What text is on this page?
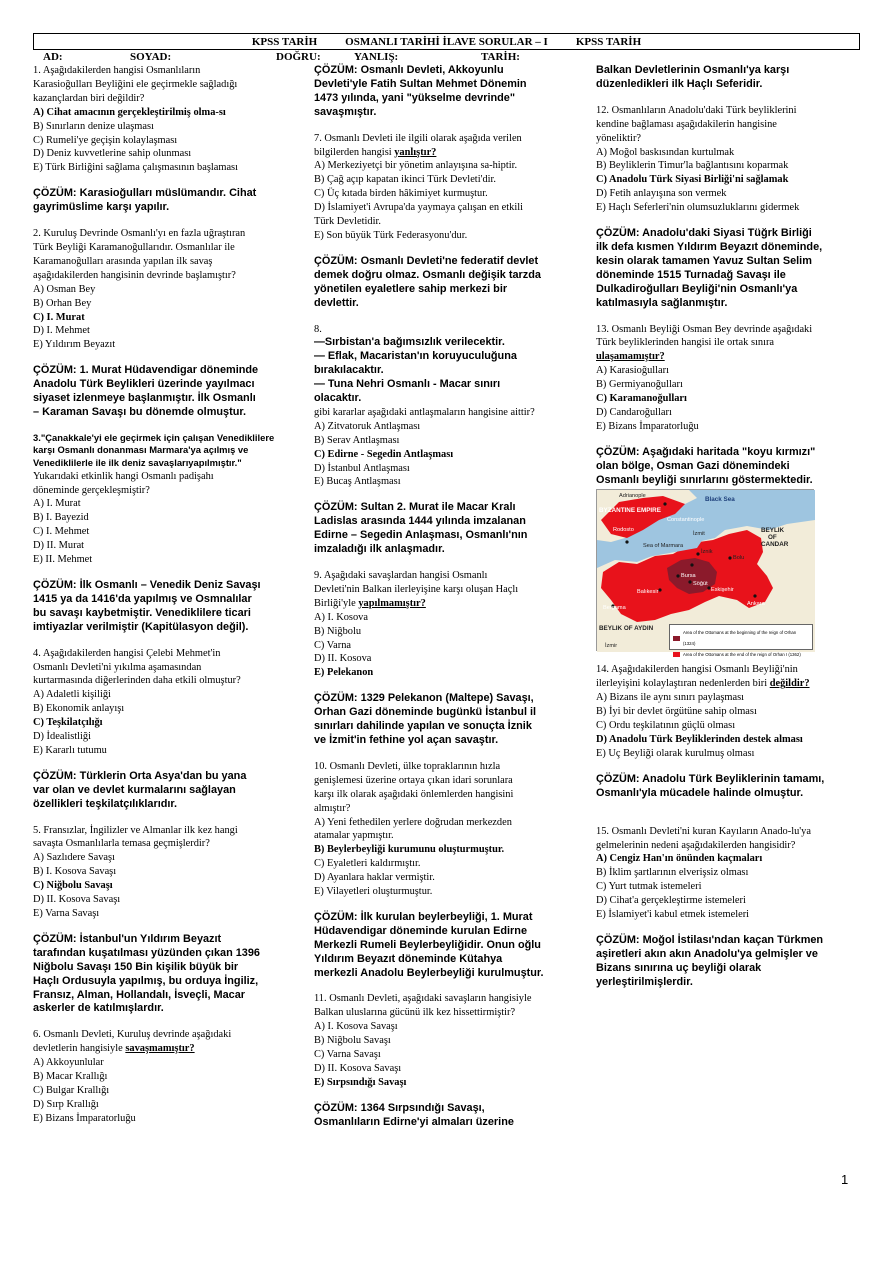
KPSS TARİH	OSMANLI TARİHİ İLAVE SORULAR – I	KPSS TARİH
AD:	SOYAD:	DOĞRU:	YANLIŞ:	TARİH:
1. Aşağıdakilerden hangisi Osmanlıların
Karasioğulları Beyliğini ele geçirmekle sağladığı
kazançlardan biri değildir?
A) Cihat amacının gerçekleştirilmiş olma-sı
B) Sınırların denize ulaşması
C) Rumeli'ye geçişin kolaylaşması
D) Deniz kuvvetlerine sahip olunması
E) Türk Birliğini sağlama çalışmasının başlaması
ÇÖZÜM: Karasioğulları müslümandır. Cihat
gayrimüslime karşı yapılır.
2. Kuruluş Devrinde Osmanlı'yı en fazla uğraştıran
Türk Beyliği Karamanoğullarıdır. Osmanlılar ile
Karamanoğulları arasında yapılan ilk savaş
aşağıdakilerden hangisinin devrinde başlamıştır?
A) Osman Bey
B) Orhan Bey
C) I. Murat
D) I. Mehmet
E) Yıldırım Beyazıt
ÇÖZÜM: 1. Murat Hüdavendigar döneminde
Anadolu Türk Beylikleri üzerinde yayılmacı
siyaset izlenmeye başlanmıştır. İlk Osmanlı
– Karaman Savaşı bu dönemde olmuştur.
3."Çanakkale'yi ele geçirmek için çalışan Venediklilere
karşı Osmanlı donanması Marmara'ya açılmış ve
Venediklilerle ile ilk deniz savaşlarıyapılmıştır."
Yukarıdaki etkinlik hangi Osmanlı padişahı
döneminde gerçekleşmiştir?
A) I. Murat
B) I. Bayezid
C) I. Mehmet
D) II. Murat
E) II. Mehmet
ÇÖZÜM: İlk Osmanlı – Venedik Deniz Savaşı
1415 ya da 1416'da yapılmış ve Osmnalılar
bu savaşı kaybetmiştir. Venediklilere ticari
imtiyazlar verilmiştir (Kapitülasyon değil).
4. Aşağıdakilerden hangisi Çelebi Mehmet'in
Osmanlı Devleti'ni yıkılma aşamasından
kurtarmasında diğerlerinden daha etkili olmuştur?
A) Adaletli kişiliği
B) Ekonomik anlayışı
C) Teşkilatçılığı
D) İdealistliği
E) Kararlı tutumu
ÇÖZÜM: Türklerin Orta Asya'dan bu yana
var olan ve devlet kurmalarını sağlayan
özellikleri teşkilatçılıklarıdır.
5. Fransızlar, İngilizler ve Almanlar ilk kez hangi
savaşta Osmanlılarla temasa geçmişlerdir?
A) Sazlıdere Savaşı
B) I. Kosova Savaşı
C) Niğbolu Savaşı
D) II. Kosova Savaşı
E) Varna Savaşı
ÇÖZÜM: İstanbul'un Yıldırım Beyazıt
tarafından kuşatılması yüzünden çıkan 1396
Niğbolu Savaşı 150 Bin kişilik büyük bir
Haçlı Ordusuyla yapılmış, bu orduya İngiliz,
Fransız, Alman, Hollandalı, İsveçli, Macar
askerler de katılmışlardır.
6. Osmanlı Devleti, Kuruluş devrinde aşağıdaki
devletlerin hangisiyle savaşmamıştır?
A) Akkoyunlular
B) Macar Krallığı
C) Bulgar Krallığı
D) Sırp Krallığı
E) Bizans İmparatorluğu
ÇÖZÜM: Osmanlı Devleti, Akkoyunlu
Devleti'yle Fatih Sultan Mehmet Dönemin
1473 yılında, yani "yükselme devrinde"
savaşmıştır.
7. Osmanlı Devleti ile ilgili olarak aşağıda verilen
bilgilerden hangisi yanlıştır?
A) Merkeziyetçi bir yönetim anlayışına sa-hiptir.
B) Çağ açıp kapatan ikinci Türk Devleti'dir.
C) Üç kıtada birden hâkimiyet kurmuştur.
D) İslamiyet'i Avrupa'da yaymaya çalışan en etkili
Türk Devletidir.
E) Son büyük Türk Federasyonu'dur.
ÇÖZÜM: Osmanlı Devleti'ne federatif devlet
demek doğru olmaz. Osmanlı değişik tarzda
yönetilen eyaletlere sahip merkezi bir
devlettir.
8.
—Sırbistan'a bağımsızlık verilecektir.
— Eflak, Macaristan'ın koruyuculuğuna
bırakılacaktır.
— Tuna Nehri Osmanlı - Macar sınırı
olacaktır.
gibi kararlar aşağıdaki antlaşmaların hangisine aittir?
A) Zitvatoruk Antlaşması
B) Serav Antlaşması
C) Edirne - Segedin Antlaşması
D) İstanbul Antlaşması
E) Bucaş Antlaşması
ÇÖZÜM: Sultan 2. Murat ile Macar Kralı
Ladislas arasında 1444 yılında imzalanan
Edirne – Segedin Anlaşması, Osmanlı'nın
imzaladığı ilk anlaşmadır.
9. Aşağıdaki savaşlardan hangisi Osmanlı
Devleti'nin Balkan ilerleyişine karşı oluşan Haçlı
Birliği'yle yapılmamıştır?
A) I. Kosova
B) Niğbolu
C) Varna
D) II. Kosova
E) Pelekanon
ÇÖZÜM: 1329 Pelekanon (Maltepe) Savaşı,
Orhan Gazi döneminde bugünkü İstanbul il
sınırları dahilinde yapılan ve sonuçta İznik
ve İzmit'in fethine yol açan savaştır.
10. Osmanlı Devleti, ülke topraklarının hızla
genişlemesi üzerine ortaya çıkan idari sorunlara
karşı ilk olarak aşağıdaki önlemlerden hangisini
almıştır?
A) Yeni fethedilen yerlere doğrudan merkezden
atamalar yapmıştır.
B) Beylerbeyliği kurumunu oluşturmuştur.
C) Eyaletleri kaldırmıştır.
D) Ayanlara haklar vermiştir.
E) Vilayetleri oluşturmuştur.
ÇÖZÜM: İlk kurulan beylerbeyliği, 1. Murat
Hüdavendigar döneminde kurulan Edirne
Merkezli Rumeli Beylerbeyliğidir. Onun oğlu
Yıldırım Beyazıt döneminde Kütahya
merkezli Anadolu Beylerbeyliği kurulmuştur.
11. Osmanlı Devleti, aşağıdaki savaşların hangisiyle
Balkan uluslarına gücünü ilk kez hissettirmiştir?
A) I. Kosova Savaşı
B) Niğbolu Savaşı
C) Varna Savaşı
D) II. Kosova Savaşı
E) Sırpsındığı Savaşı
ÇÖZÜM: 1364 Sırpsındığı Savaşı,
Osmanlıların Edirne'yi almaları üzerine
Balkan Devletlerinin Osmanlı'ya karşı
düzenledikleri ilk Haçlı Seferidir.
12. Osmanlıların Anadolu'daki Türk beyliklerini
kendine bağlaması aşağıdakilerin hangisine
yöneliktir?
A) Moğol baskısından kurtulmak
B) Beyliklerin Timur'la bağlantısını koparmak
C) Anadolu Türk Siyasi Birliği'ni sağlamak
D) Fetih anlayışına son vermek
E) Haçlı Seferleri'nin olumsuzluklarını gidermek
ÇÖZÜM: Anadolu'daki Siyasi Tüğrk Birliği
ilk defa kısmen Yıldırım Beyazıt döneminde,
kesin olarak tamamen Yavuz Sultan Selim
döneminde 1515 Turnadağ Savaşı ile
Dulkadiroğulları Beyliği'nin Osmanlı'ya
katılmasıyla sağlanmıştır.
13. Osmanlı Beyliği Osman Bey devrinde aşağıdaki
Türk beyliklerinden hangisi ile ortak sınıra
ulaşamamıştır?
A) Karasioğulları
B) Germiyanoğulları
C) Karamanoğulları
D) Candaroğulları
E) Bizans İmparatorluğu
ÇÖZÜM: Aşağıdaki haritada "koyu kırmızı"
olan bölge, Osman Gazi dönemindeki
Osmanlı beyliği sınırlarını göstermektedir.
Adrianople	Black Sea
BYZANTINE EMPIRE
Constantinople
İzmit	BEYLIK
OF
CANDAR
Rodosto
Sea of Marmara
İznik
Bolu
Bursa
Balıkesir
Söğüt
Eskişehir
Ankara
Bergama
BEYLIK OF AYDIN
İzmir
Area of the Ottomans at the beginning of the reign of Orhan (1324)
Area of the Ottomans at the end of the reign of Orhan I (1362)
14. Aşağıdakilerden hangisi Osmanlı Beyliği'nin
ilerleyişini kolaylaştıran nedenlerden biri değildir?
A) Bizans ile aynı sınırı paylaşması
B) İyi bir devlet örgütüne sahip olması
C) Ordu teşkilatının güçlü olması
D) Anadolu Türk Beyliklerinden destek alması
E) Uç Beyliği olarak kurulmuş olması
ÇÖZÜM: Anadolu Türk Beyliklerinin tamamı,
Osmanlı'yla mücadele halinde olmuştur.
15. Osmanlı Devleti'ni kuran Kayıların Anado-lu'ya
gelmelerinin nedeni aşağıdakilerden hangisidir?
A) Cengiz Han'ın önünden kaçmaları
B) İklim şartlarının elverişsiz olması
C) Yurt tutmak istemeleri
D) Cihat'a gerçekleştirme istemeleri
E) İslamiyet'i kabul etmek istemeleri
ÇÖZÜM: Moğol İstilası'ndan kaçan Türkmen
aşiretleri akın akın Anadolu'ya gelmişler ve
Bizans sınırına uç beyliği olarak
yerleştirilmişlerdir.
1
